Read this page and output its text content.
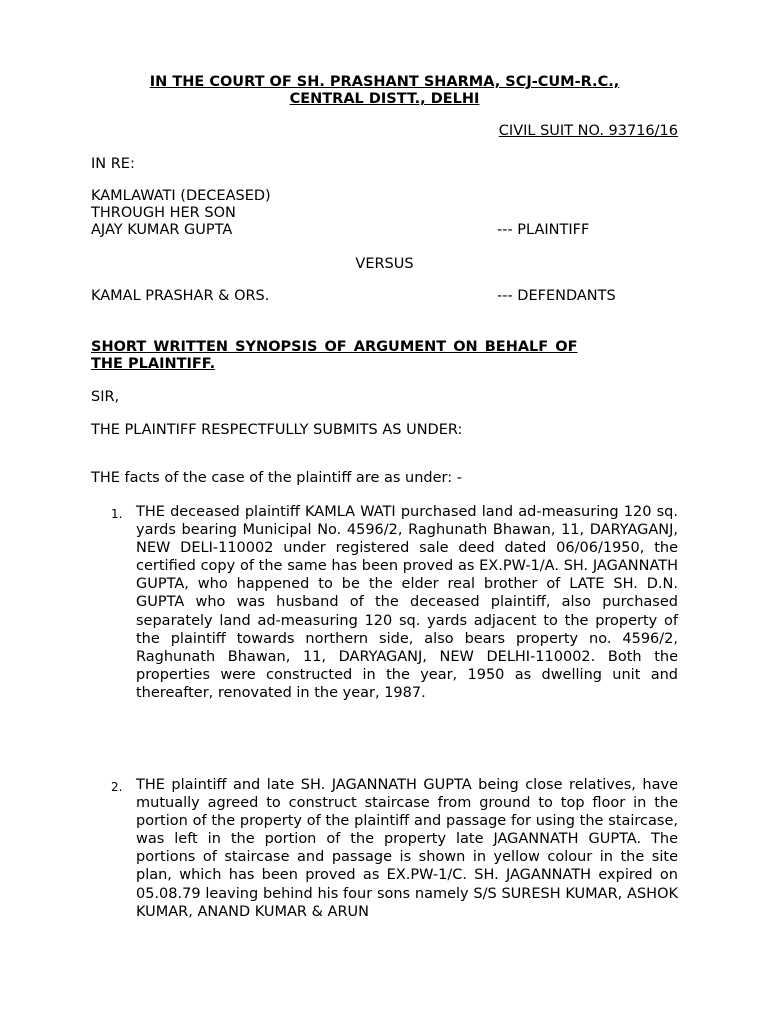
IN THE COURT OF SH. PRASHANT SHARMA, SCJ-CUM-R.C.,
CENTRAL DISTT., DELHI
CIVIL SUIT NO. 93716/16
IN RE:
KAMLAWATI (DECEASED)
THROUGH HER SON
AJAY KUMAR GUPTA	--- PLAINTIFF
VERSUS
KAMAL PRASHAR & ORS.	--- DEFENDANTS
SHORT WRITTEN SYNOPSIS OF ARGUMENT ON BEHALF OF
THE PLAINTIFF.
SIR,
THE PLAINTIFF RESPECTFULLY SUBMITS AS UNDER:
THE facts of the case of the plaintiff are as under: -
1. THE deceased plaintiff KAMLA WATI purchased land ad-measuring 120 sq. yards bearing Municipal No. 4596/2, Raghunath Bhawan, 11, DARYAGANJ, NEW DELI-110002 under registered sale deed dated 06/06/1950, the certified copy of the same has been proved as EX.PW-1/A. SH. JAGANNATH GUPTA, who happened to be the elder real brother of LATE SH. D.N. GUPTA who was husband of the deceased plaintiff, also purchased separately land ad-measuring 120 sq. yards adjacent to the property of the plaintiff towards northern side, also bears property no. 4596/2, Raghunath Bhawan, 11, DARYAGANJ, NEW DELHI-110002. Both the properties were constructed in the year, 1950 as dwelling unit and thereafter, renovated in the year, 1987.
2. THE plaintiff and late SH. JAGANNATH GUPTA being close relatives, have mutually agreed to construct staircase from ground to top floor in the portion of the property of the plaintiff and passage for using the staircase, was left in the portion of the property late JAGANNATH GUPTA. The portions of staircase and passage is shown in yellow colour in the site plan, which has been proved as EX.PW-1/C. SH. JAGANNATH expired on 05.08.79 leaving behind his four sons namely S/S SURESH KUMAR, ASHOK KUMAR, ANAND KUMAR & ARUN
